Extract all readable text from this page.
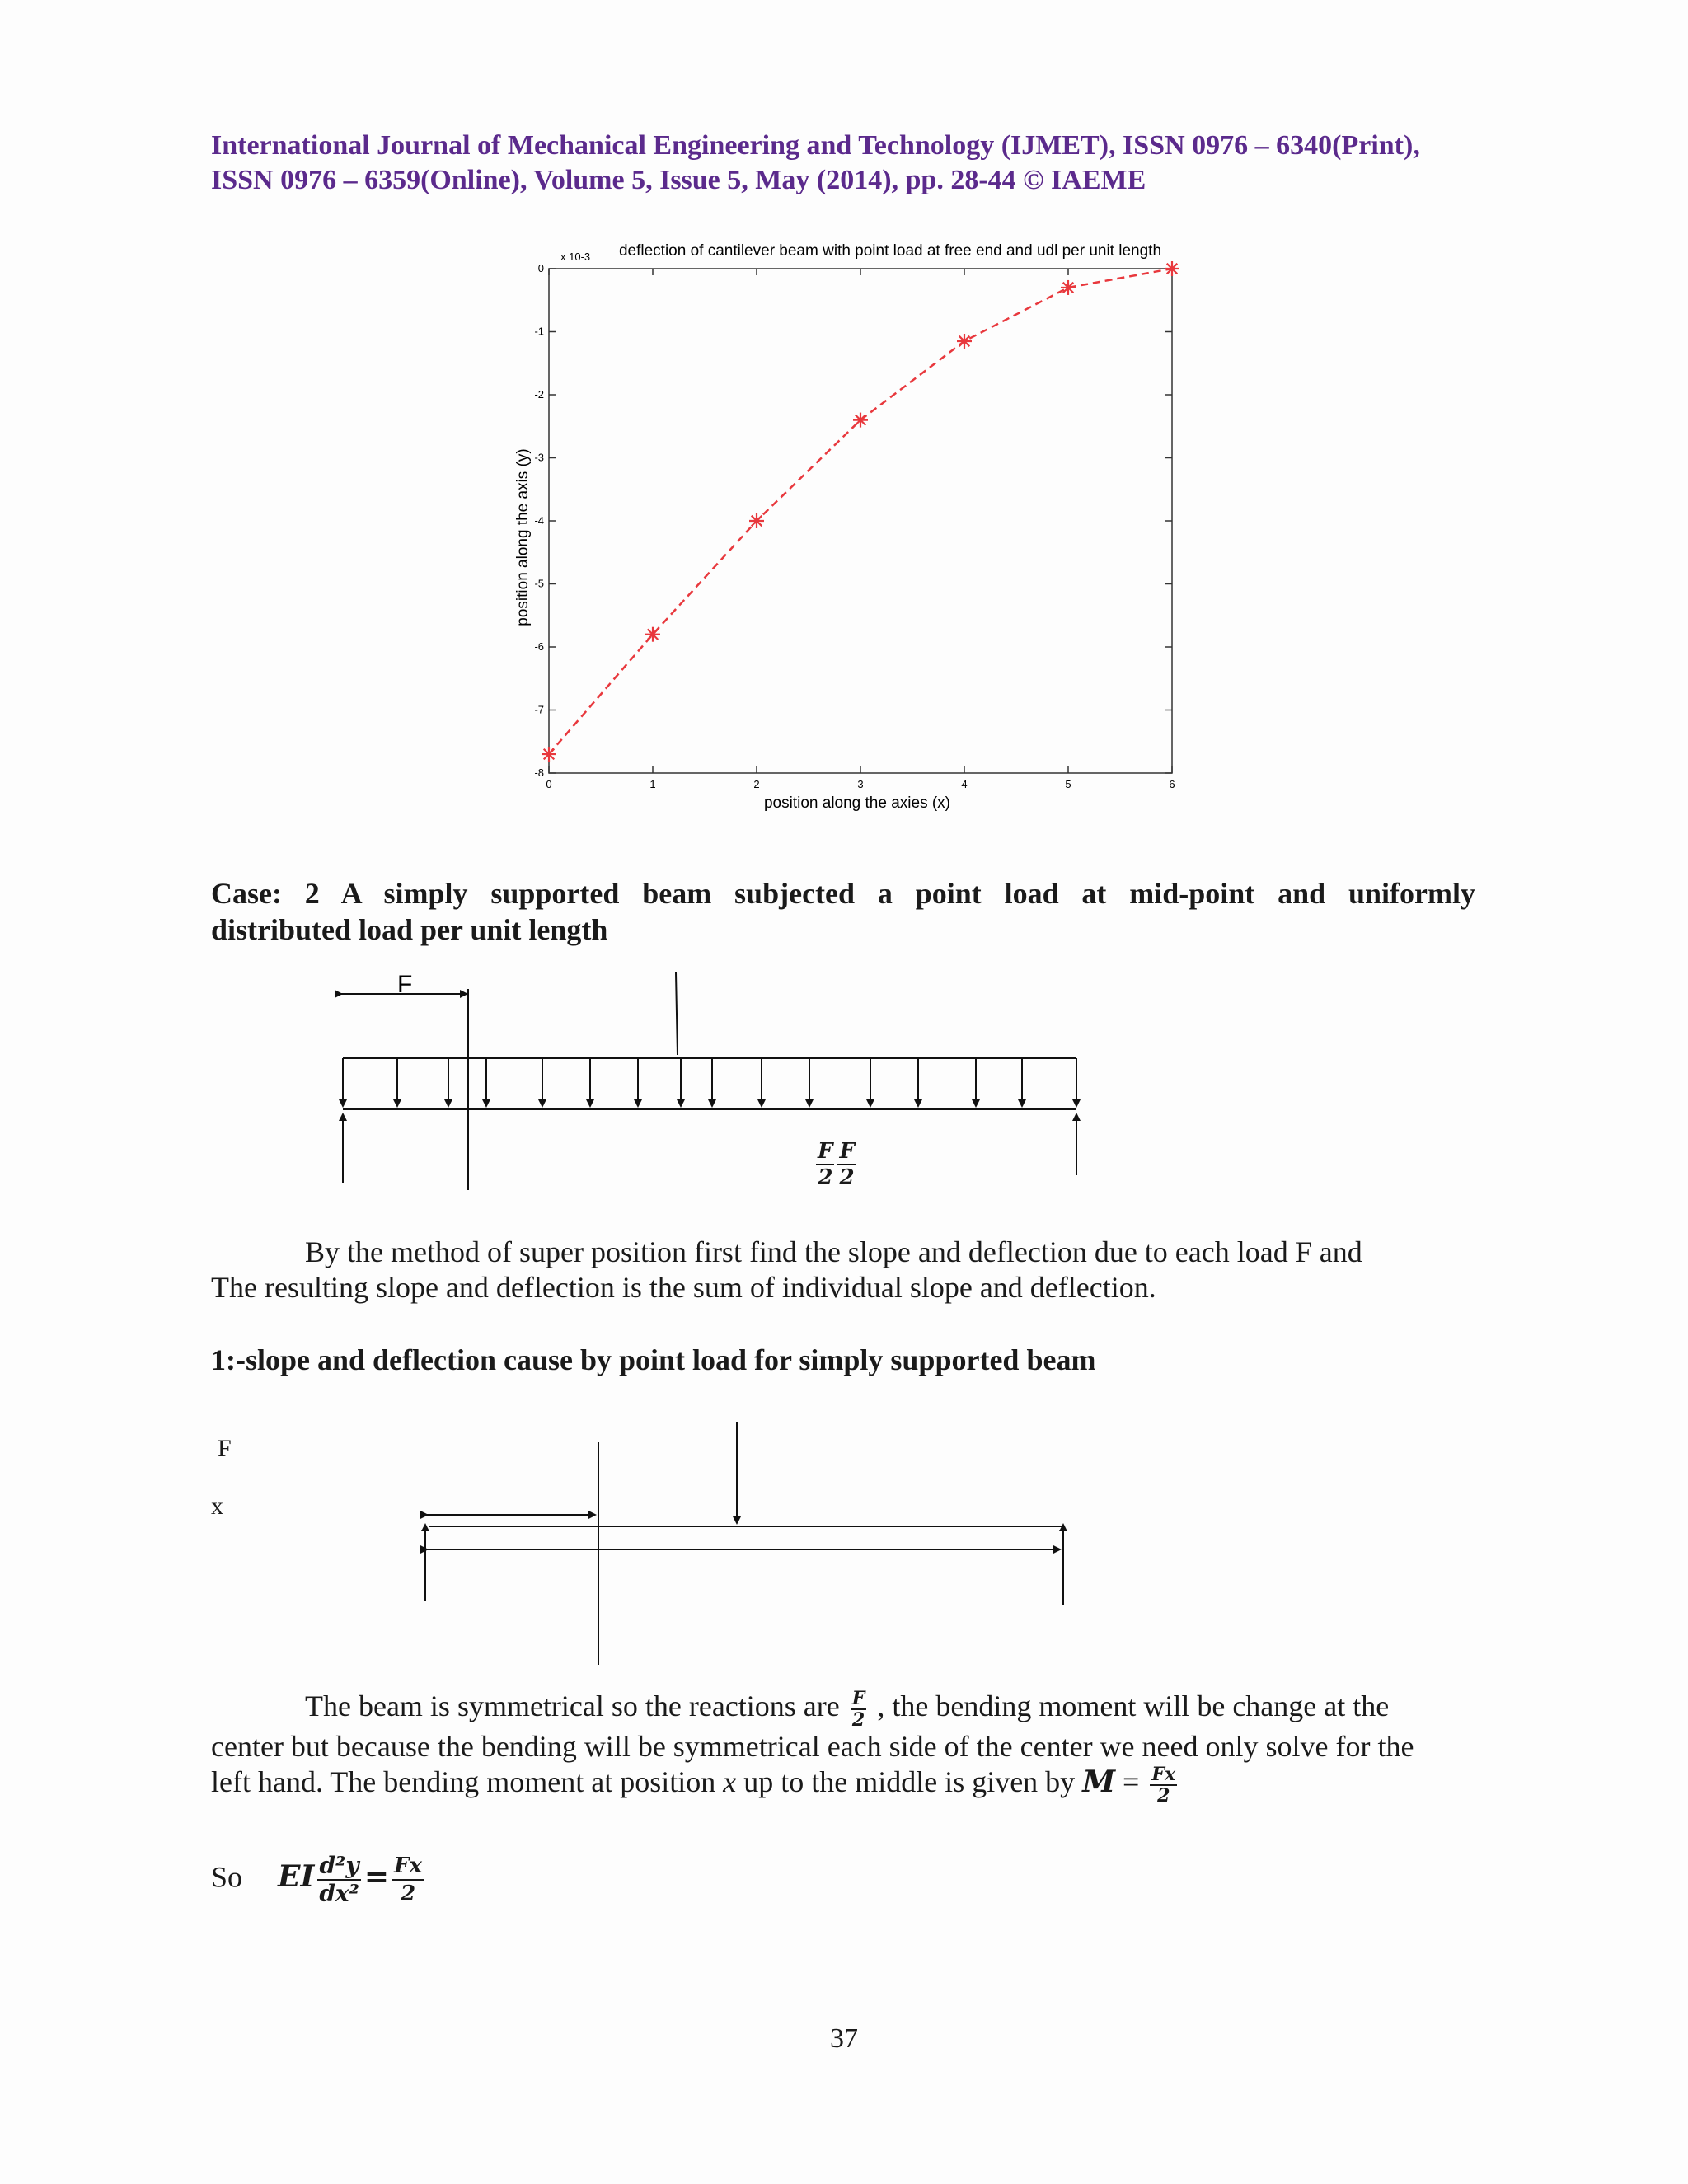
International Journal of Mechanical Engineering and Technology (IJMET), ISSN 0976 – 6340(Print),
ISSN 0976 – 6359(Online), Volume 5, Issue 5, May (2014), pp. 28-44 © IAEME
deflection of cantilever beam with point load at free end and udl per unit length
x 10-3
0	1	2	3	4	5	6
0
-1
-2
-3
-4
-5
-6
-7
-8
position along the axies (x)
position along the axis (y)
Case: 2 A simply supported beam subjected a point load at mid-point and uniformly
distributed load per unit length
F
F F
2 2
By the method of super position first find the slope and deflection due to each load F and
The resulting slope and deflection is the sum of individual slope and deflection.
1:-slope and deflection cause by point load for simply supported beam
F
x
The beam is symmetrical so the reactions are $\frac{F}{2}$ , the bending moment will be change at the
center but because the bending will be symmetrical each side of the center we need only solve for the
left hand. The bending moment at position x up to the middle is given by $M = \frac{Fx}{2}$
So EI $\frac{\text{d²y}}{\text{dx²}} = \frac{Fx}{2}$
37
